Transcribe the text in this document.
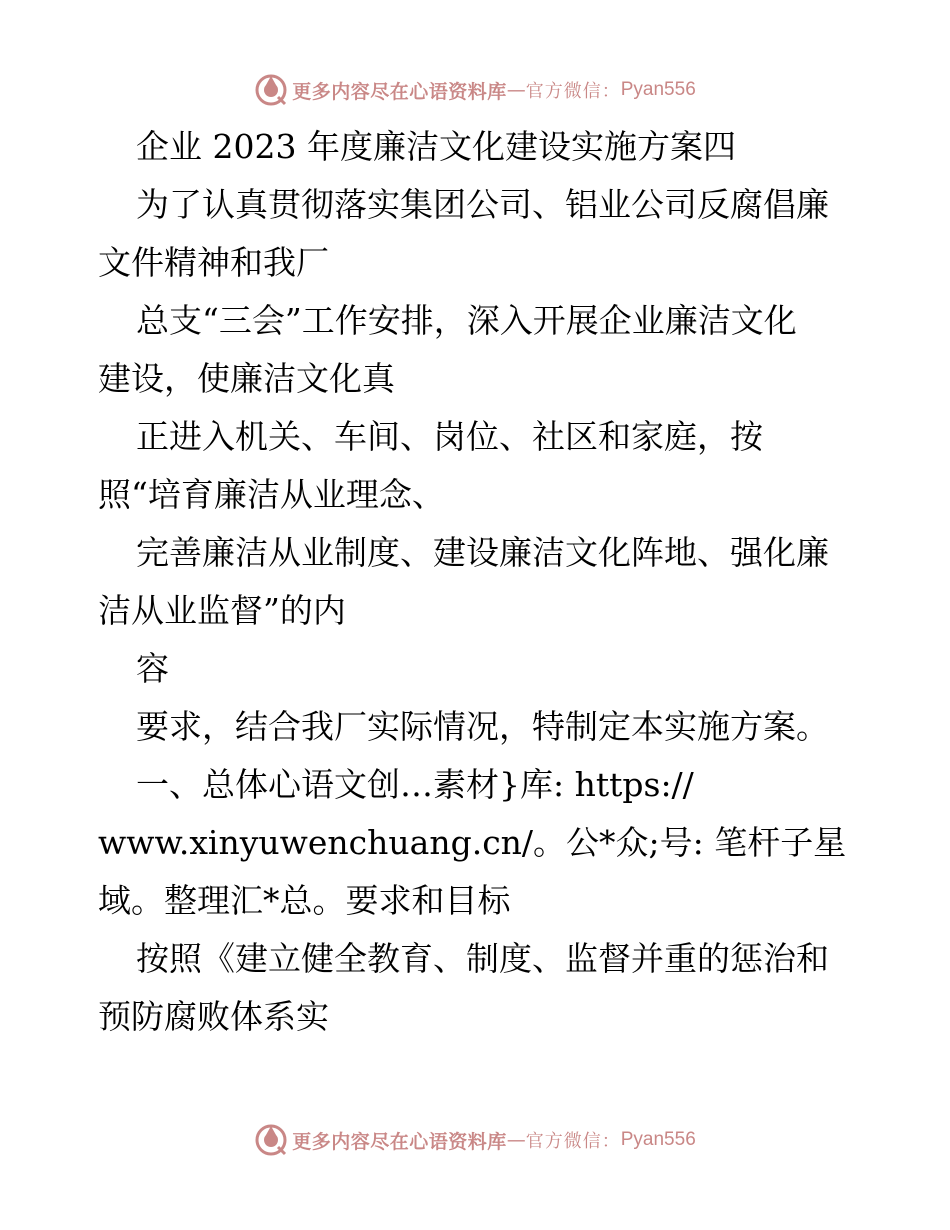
更多内容尽在心语资料库 — 官方微信： Pyan556
企业 2023 年度廉洁文化建设实施方案四
为了认真贯彻落实集团公司、铝业公司反腐倡廉
文件精神和我厂
总支“三会”工作安排，深入开展企业廉洁文化
建设，使廉洁文化真
正进入机关、车间、岗位、社区和家庭，按
照“培育廉洁从业理念、
完善廉洁从业制度、建设廉洁文化阵地、强化廉
洁从业监督”的内
容
要求，结合我厂实际情况，特制定本实施方案。
一、总体心语文创…素材}库: https://
www.xinyuwenchuang.cn/。公*众;号: 笔杆子星
域。整理汇*总。要求和目标
按照《建立健全教育、制度、监督并重的惩治和
预防腐败体系实
更多内容尽在心语资料库 — 官方微信： Pyan556
